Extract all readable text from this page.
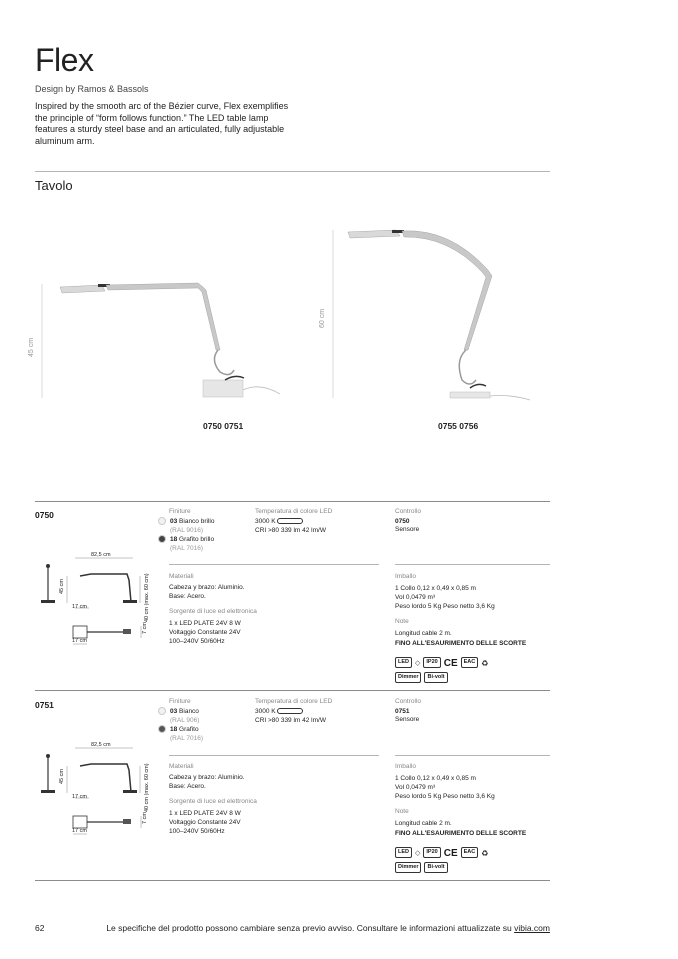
Flex
Design by Ramos & Bassols
Inspired by the smooth arc of the Bézier curve, Flex exemplifies the principle of “form follows function.” The LED table lamp features a sturdy steel base and an articulated, fully adjustable aluminum arm.
Tavolo
45 cm
60 cm
0750 0751	0755 0756
0750
82,5 cm
45 cm
17 cm	40 cm (max. 60 cm)
7 cm
17 cm
Finiture
03 Bianco brillo
(RAL 9016)
18 Grafito brillo
(RAL 7016)
Temperatura di colore LED
3000 K
CRI >80 339 lm 42 lm/W
Controllo
0750
Sensore
Materiali
Cabeza y brazo: Aluminio.
Base: Acero.
Sorgente di luce ed elettronica
1 x LED PLATE 24V 8 W
Voltaggio Constante 24V
100–240V 50/60Hz
Imballo
1 Collo 0,12 x 0,49 x 0,85 m
Vol 0,0479 m³
Peso lordo 5 Kg Peso netto 3,6 Kg
Note
Longitud cable 2 m.
FINO ALL'ESAURIMENTO DELLE SCORTE
LED ◇ IP20 CE EAC ♻
Dimmer Bi-volt
0751
82,5 cm
45 cm
17 cm	40 cm (max. 60 cm)
7 cm
17 cm
Finiture
03 Bianco
(RAL 906)
18 Grafito
(RAL 7016)
Temperatura di colore LED
3000 K
CRI >80 339 lm 42 lm/W
Controllo
0751
Sensore
Materiali
Cabeza y brazo: Aluminio.
Base: Acero.
Sorgente di luce ed elettronica
1 x LED PLATE 24V 8 W
Voltaggio Constante 24V
100–240V 50/60Hz
Imballo
1 Collo 0,12 x 0,49 x 0,85 m
Vol 0,0479 m³
Peso lordo 5 Kg Peso netto 3,6 Kg
Note
Longitud cable 2 m.
FINO ALL'ESAURIMENTO DELLE SCORTE
LED ◇ IP20 CE EAC ♻
Dimmer Bi-volt
62	Le specifiche del prodotto possono cambiare senza previo avviso. Consultare le informazioni attualizzate su vibia.com
